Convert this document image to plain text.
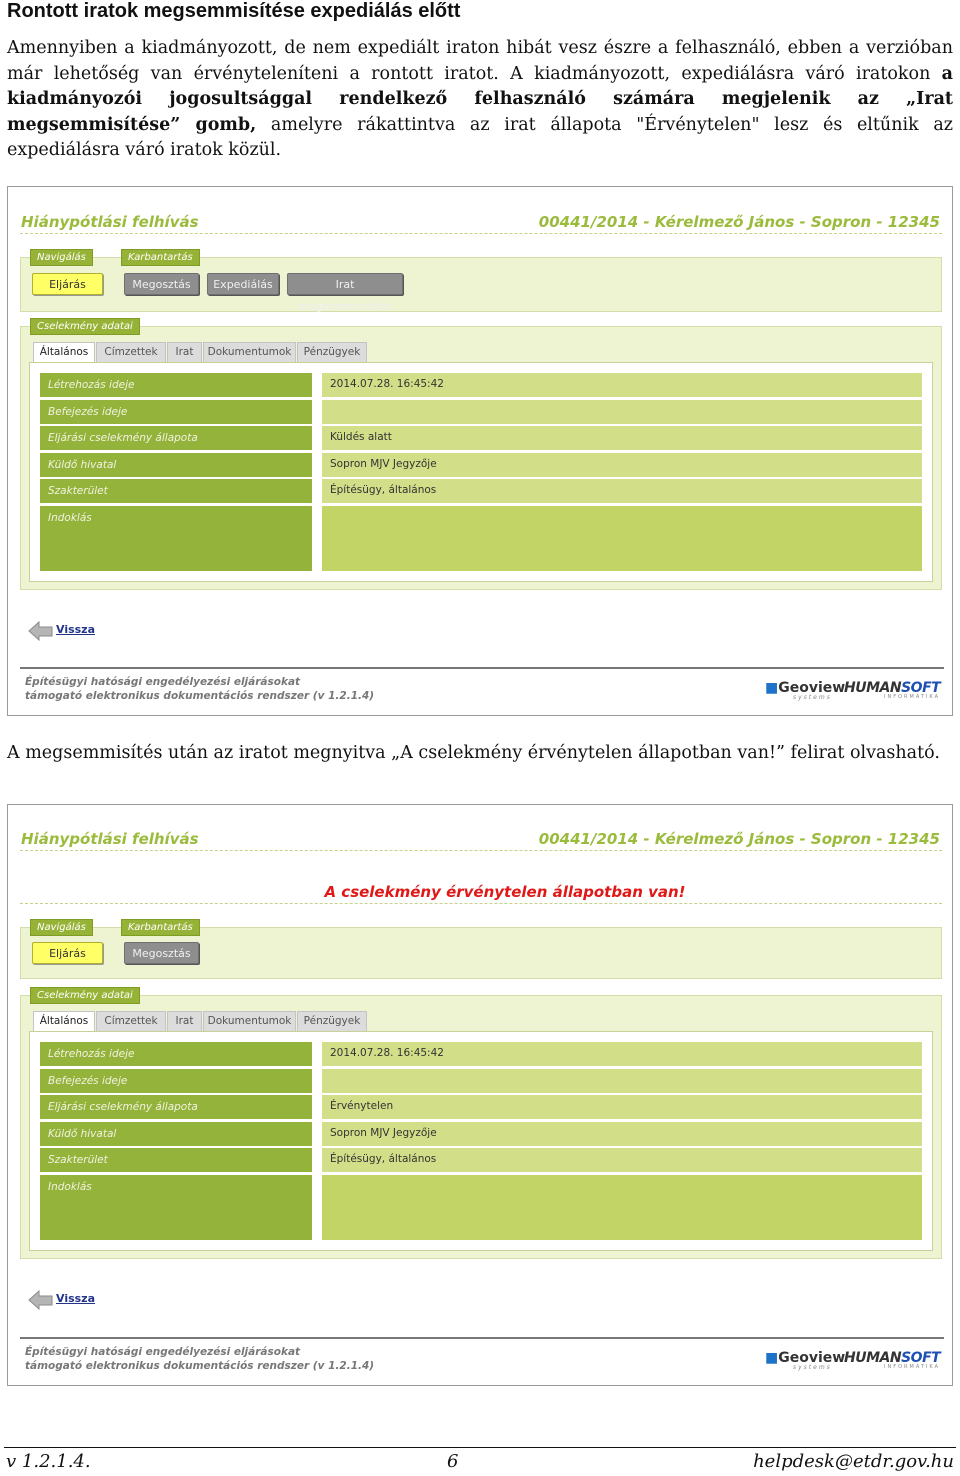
Rontott iratok megsemmisítése expediálás előtt
Amennyiben a kiadmányozott, de nem expediált iraton hibát vesz észre a felhasználó, ebben a verzióban már lehetőség van érvényteleníteni a rontott iratot. A kiadmányozott, expediálásra váró iratokon a kiadmányozói jogosultsággal rendelkező felhasználó számára megjelenik az „Irat megsemmisítése” gomb, amelyre rákattintva az irat állapota "Érvénytelen" lesz és eltűnik az expediálásra váró iratok közül.
Hiánypótlási felhívás	00441/2014 - Kérelmező János - Sopron - 12345
Eljárás	Megosztás	Expediálás	Irat megsemmisítése
Navigálás	Karbantartás
Általános	Címzettek	Irat	Dokumentumok	Pénzügyek
Létrehozás ideje	2014.07.28. 16:45:42
Befejezés ideje
Eljárási cselekmény állapota	Küldés alatt
Küldő hivatal	Sopron MJV Jegyzője
Szakterület	Építésügy, általános
Indoklás
Cselekmény adatai
Vissza
Építésügyi hatósági engedélyezési eljárásokat
támogató elektronikus dokumentációs rendszer (v 1.2.1.4)	■Geoview
systems
HUMANSOFT
INFORMATIKA
A megsemmisítés után az iratot megnyitva „A cselekmény érvénytelen állapotban van!” felirat olvasható.
Hiánypótlási felhívás	00441/2014 - Kérelmező János - Sopron - 12345
A cselekmény érvénytelen állapotban van!
Eljárás	Megosztás
Navigálás	Karbantartás
Általános	Címzettek	Irat	Dokumentumok	Pénzügyek
Létrehozás ideje	2014.07.28. 16:45:42
Befejezés ideje
Eljárási cselekmény állapota	Érvénytelen
Küldő hivatal	Sopron MJV Jegyzője
Szakterület	Építésügy, általános
Indoklás
Cselekmény adatai
Vissza
Építésügyi hatósági engedélyezési eljárásokat
támogató elektronikus dokumentációs rendszer (v 1.2.1.4)	■Geoview
systems
HUMANSOFT
INFORMATIKA
v 1.2.1.4.	6	helpdesk@etdr.gov.hu
